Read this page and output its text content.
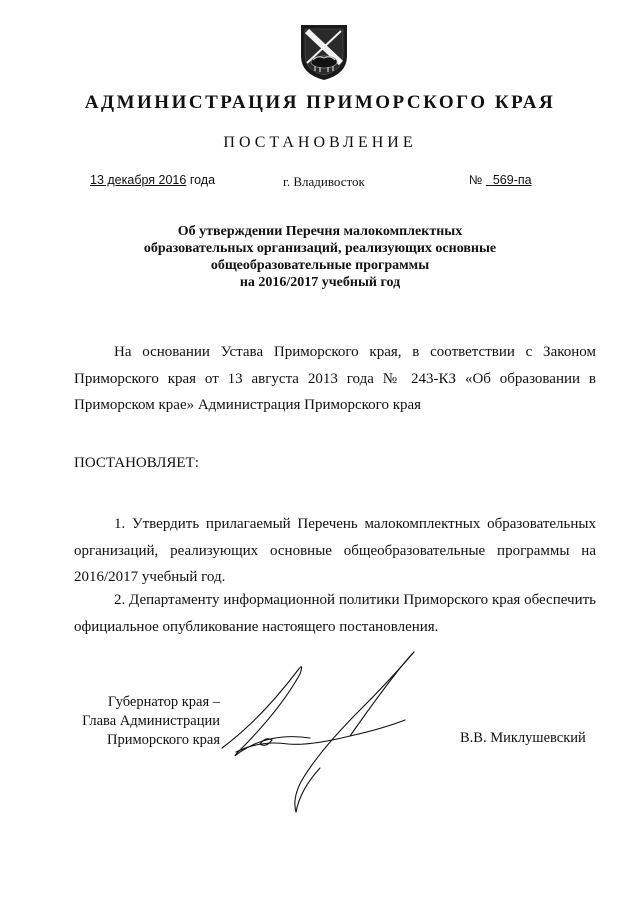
АДМИНИСТРАЦИЯ ПРИМОРСКОГО КРАЯ
ПОСТАНОВЛЕНИЕ
13 декабря 2016 года	г. Владивосток	№ 569-па
Об утверждении Перечня малокомплектных
образовательных организаций, реализующих основные
общеобразовательные программы
на 2016/2017 учебный год
На основании Устава Приморского края, в соответствии с Законом Приморского края от 13 августа 2013 года № 243-КЗ «Об образовании в Приморском крае» Администрация Приморского края
ПОСТАНОВЛЯЕТ:
1. Утвердить прилагаемый Перечень малокомплектных образовательных организаций, реализующих основные общеобразовательные программы на 2016/2017 учебный год.
2. Департаменту информационной политики Приморского края обеспечить официальное опубликование настоящего постановления.
Губернатор края –
Глава Администрации
Приморского края	В.В. Миклушевский
